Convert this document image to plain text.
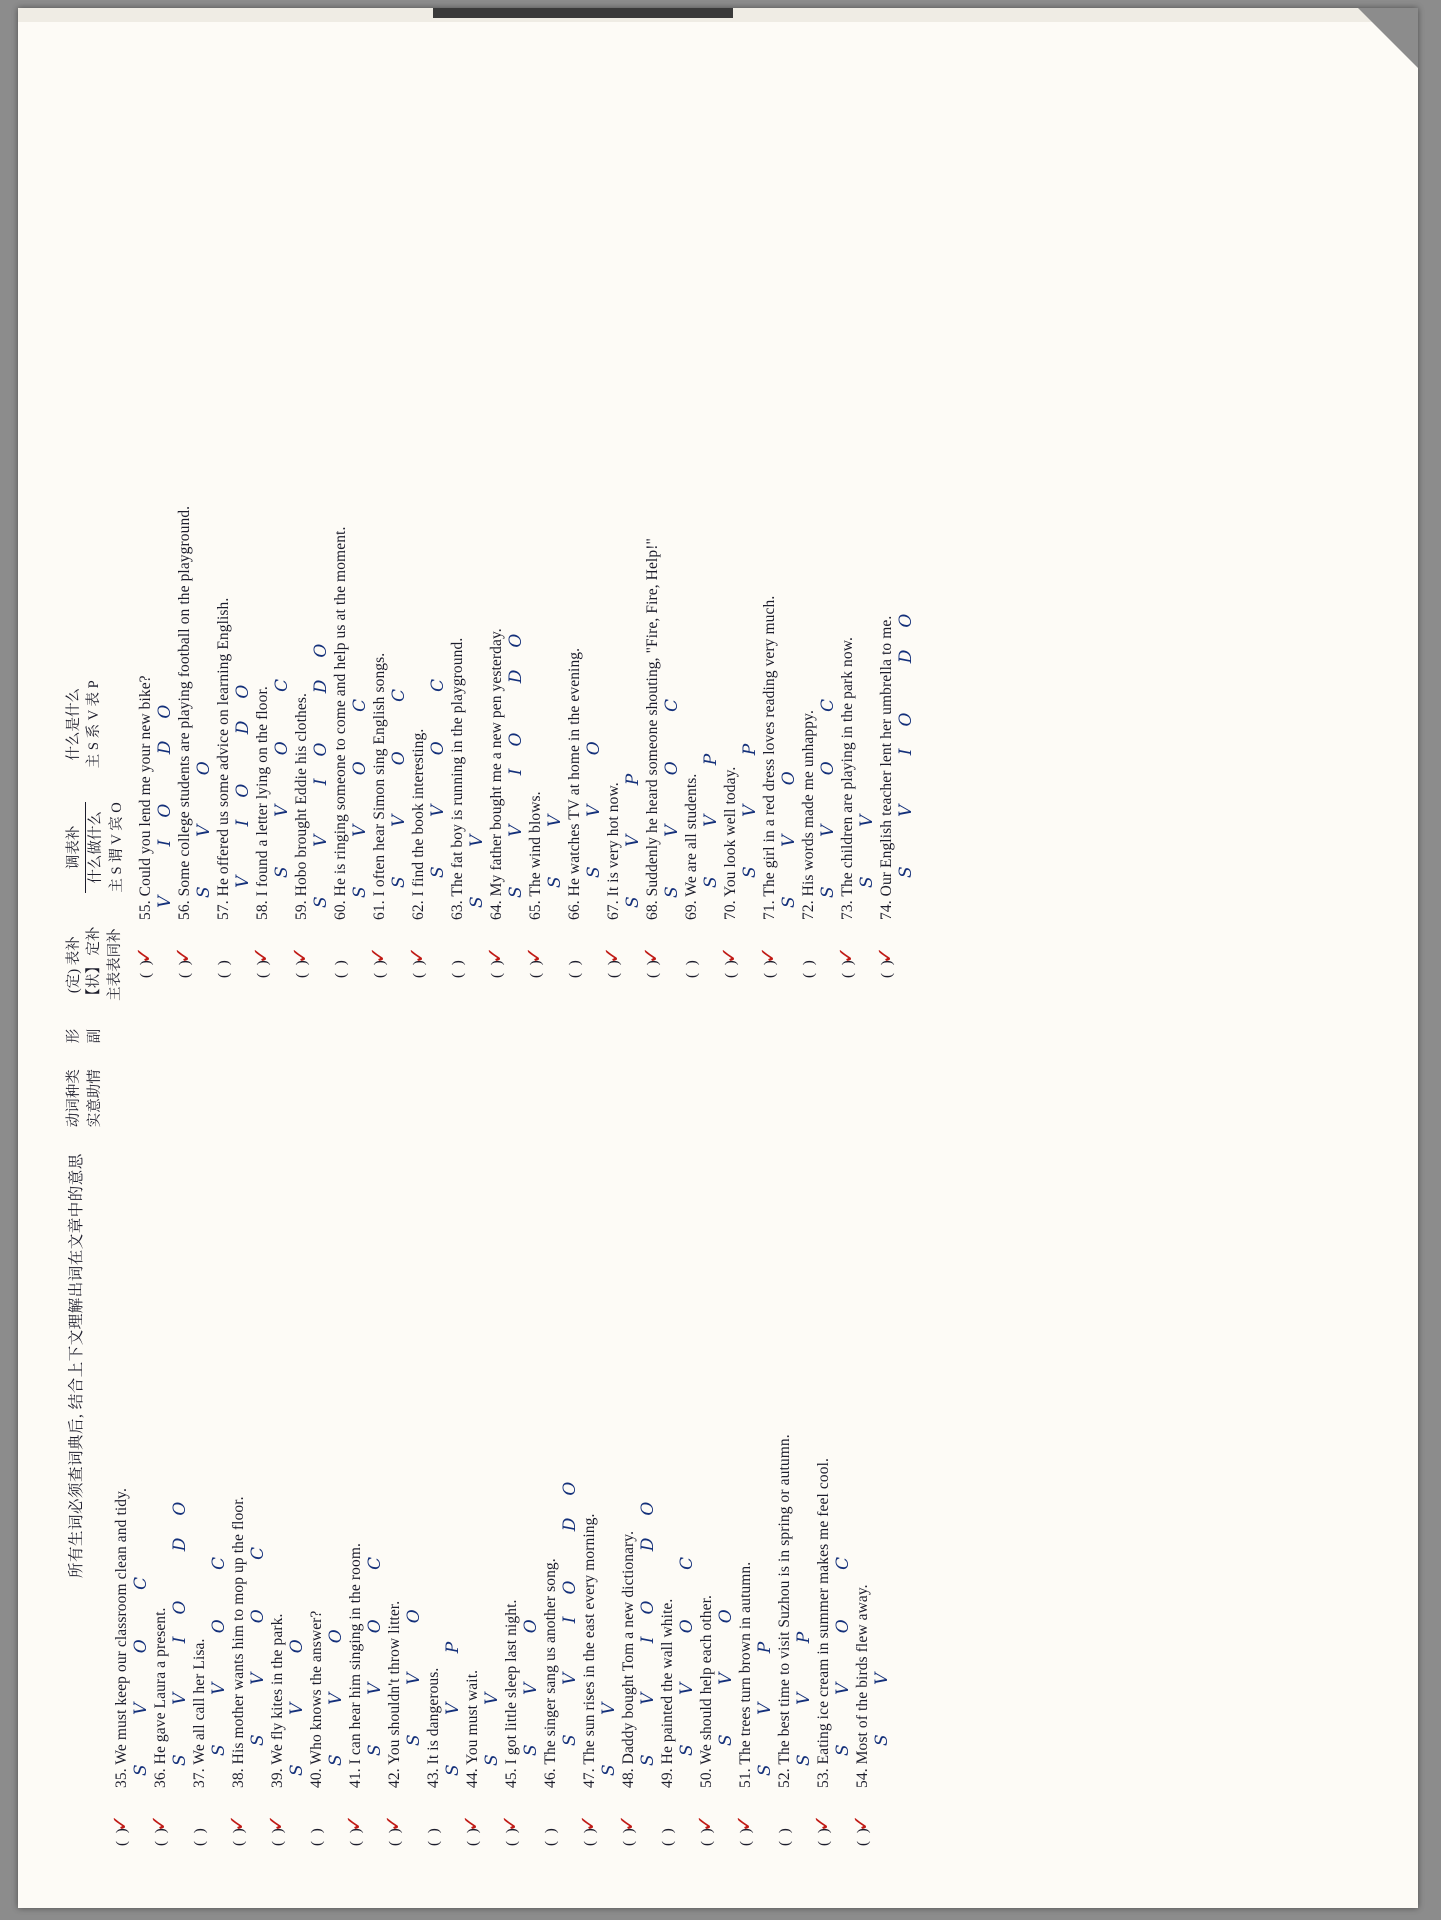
所有生词必须查词典后, 结合上下文理解出词在文章中的意思
动词种类 实意助情
形 副
(定) 表补 【状】 定补 主表表同补
调表补 什么做什么 主 S 谓 V 宾 O
什么是什么 主 S 系 V 表 P
( )
35. We must keep our classroom clean and tidy. S V O C
✓
( )
36. He gave Laura a present. S V IO DO
✓
( )
37. We all call her Lisa. S V O C
( )
38. His mother wants him to mop up the floor. S V O C
✓
( )
39. We fly kites in the park. S V O
✓
( )
40. Who knows the answer? S V O
( )
41. I can hear him singing in the room. S V O C
✓
( )
42. You shouldn't throw litter. S V O
✓
( )
43. It is dangerous. S V P
( )
44. You must wait. S V
✓
( )
45. I got little sleep last night. S V O
✓
( )
46. The singer sang us another song. S V IO DO
( )
47. The sun rises in the east every morning. S V
✓
( )
48. Daddy bought Tom a new dictionary. S V IO DO
✓
( )
49. He painted the wall white. S V O C
( )
50. We should help each other. S V O
✓
( )
51. The trees turn brown in autumn. S V P
✓
( )
52. The best time to visit Suzhou is in spring or autumn. S V P
( )
53. Eating ice cream in summer makes me feel cool. S V O C
✓
( )
54. Most of the birds flew away. S V
✓
( )
55. Could you lend me your new bike? V IO DO
✓
( )
56. Some college students are playing football on the playground. S V O
✓
( )
57. He offered us some advice on learning English. V IO DO
( )
58. I found a letter lying on the floor. S V O C
✓
( )
59. Hobo brought Eddie his clothes. S V IO DO
✓
( )
60. He is ringing someone to come and help us at the moment. S V O C
( )
61. I often hear Simon sing English songs. S V O C
✓
( )
62. I find the book interesting. S V O C
✓
( )
63. The fat boy is running in the playground. S V
( )
64. My father bought me a new pen yesterday. S V IO DO
✓
( )
65. The wind blows. S V
✓
( )
66. He watches TV at home in the evening. S V O
( )
67. It is very hot now. S V P
✓
( )
68. Suddenly he heard someone shouting, "Fire, Fire, Help!" S V O C
✓
( )
69. We are all students. S V P
( )
70. You look well today. S V P
✓
( )
71. The girl in a red dress loves reading very much. S V O
✓
( )
72. His words made me unhappy. S V O C
( )
73. The children are playing in the park now. S V
✓
( )
74. Our English teacher lent her umbrella to me. S V IO DO
✓
